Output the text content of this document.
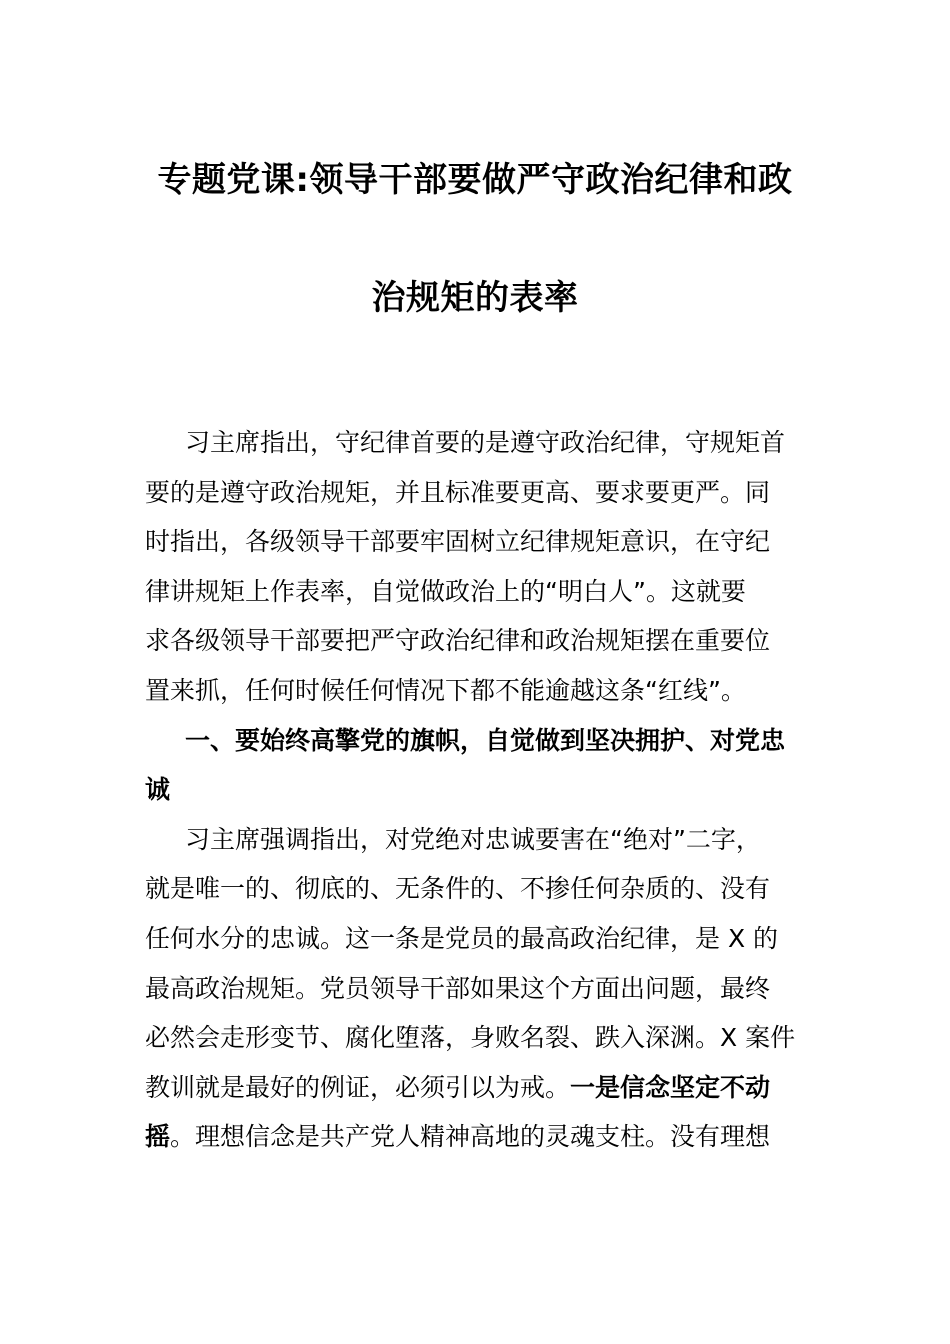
专题党课:领导干部要做严守政治纪律和政
治规矩的表率
习主席指出，守纪律首要的是遵守政治纪律，守规矩首
要的是遵守政治规矩，并且标准要更高、要求要更严。同
时指出，各级领导干部要牢固树立纪律规矩意识，在守纪
律讲规矩上作表率，自觉做政治上的“明白人”。这就要
求各级领导干部要把严守政治纪律和政治规矩摆在重要位
置来抓，任何时候任何情况下都不能逾越这条“红线”。
一、要始终高擎党的旗帜，自觉做到坚决拥护、对党忠
诚
习主席强调指出，对党绝对忠诚要害在“绝对”二字，
就是唯一的、彻底的、无条件的、不掺任何杂质的、没有
任何水分的忠诚。这一条是党员的最高政治纪律，是 X 的
最高政治规矩。党员领导干部如果这个方面出问题，最终
必然会走形变节、腐化堕落，身败名裂、跌入深渊。X 案件
教训就是最好的例证，必须引以为戒。一是信念坚定不动
摇。理想信念是共产党人精神高地的灵魂支柱。没有理想
